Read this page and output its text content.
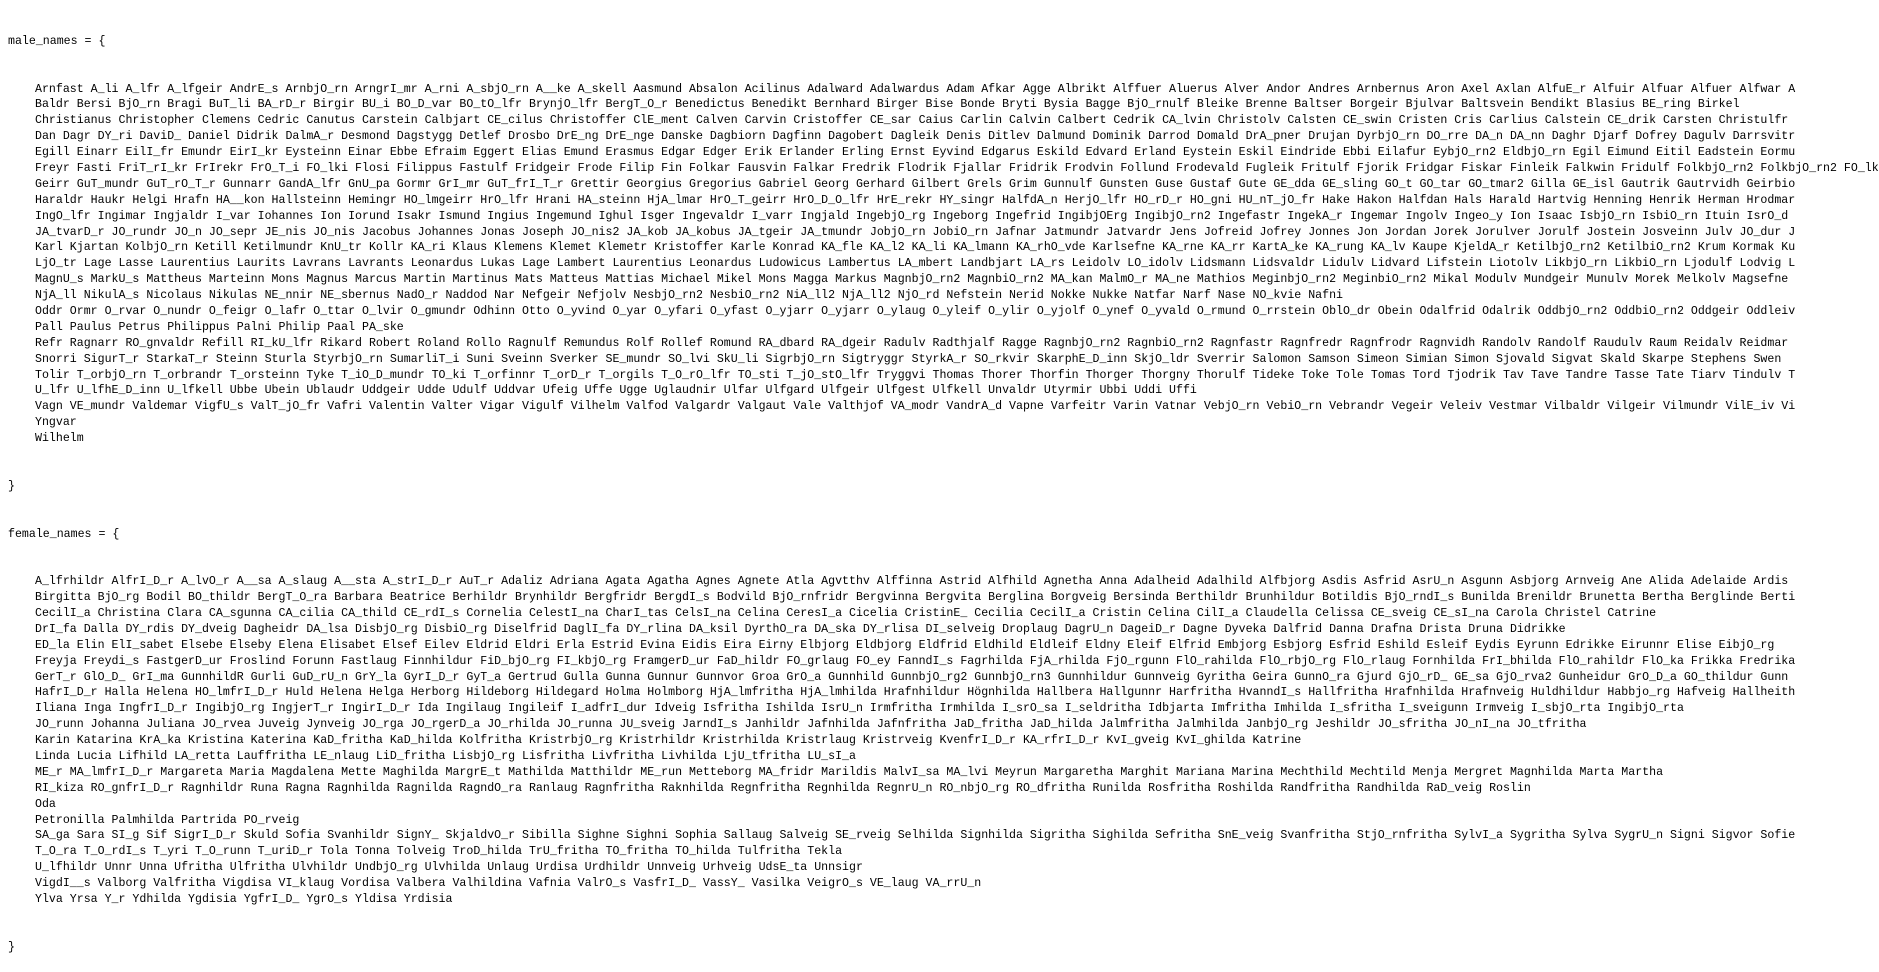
male_names = {

Arnfast A_li A_lfr A_lfgeir AndrE_s ArnbjO_rn ArngrI_mr A_rni A_sbjO_rn A__ke A_skell Aasmund Absalon Acilinus Adalward Adalwardus Adam Afkar Agge Albrikt Alffuer Aluerus Alver Andor Andres Arnbernus Aron Axel Axlan AlfuE_r Alfuir Alfuar Alfuer Alfwar A
Baldr Bersi BjO_rn Bragi BuT_li BA_rD_r Birgir BU_i BO_D_var BO_tO_lfr BrynjO_lfr BergT_O_r Benedictus Benedikt Bernhard Birger Bise Bonde Bryti Bysia Bagge BjO_rnulf Bleike Brenne Baltser Borgeir Bjulvar Baltsvein Bendikt Blasius BE_ring Birkel
Christianus Christopher Clemens Cedric Canutus Carstein Calbjart CE_cilus Christoffer ClE_ment Calven Carvin Cristoffer CE_sar Caius Carlin Calvin Calbert Cedrik CA_lvin Christolv Calsten CE_swin Cristen Cris Carlius Calstein CE_drik Carsten Christulfr
Dan Dagr DY_ri DaviD_ Daniel Didrik DalmA_r Desmond Dagstygg Detlef Drosbo DrE_ng DrE_nge Danske Dagbiorn Dagfinn Dagobert Dagleik Denis Ditlev Dalmund Dominik Darrod Domald DrA_pner Drujan DyrbjO_rn DO_rre DA_n DA_nn Daghr Djarf Dofrey Dagulv Darrsvitr
Egill Einarr EilI_fr Emundr EirI_kr Eysteinn Einar Ebbe Efraim Eggert Elias Emund Erasmus Edgar Edger Erik Erlander Erling Ernst Eyvind Edgarus Eskild Edvard Erland Eystein Eskil Eindride Ebbi Eilafur EybjO_rn2 EldbjO_rn Egil Eimund Eitil Eadstein Eormu
Freyr Fasti FriT_rI_kr FrIrekr FrO_T_i FO_lki Flosi Filippus Fastulf Fridgeir Frode Filip Fin Folkar Fausvin Falkar Fredrik Flodrik Fjallar Fridrik Frodvin Follund Frodevald Fugleik Fritulf Fjorik Fridgar Fiskar Finleik Falkwin Fridulf FolkbjO_rn2 FolkbjO_rn2 FO_lk
Geirr GuT_mundr GuT_rO_T_r Gunnarr GandA_lfr GnU_pa Gormr GrI_mr GuT_frI_T_r Grettir Georgius Gregorius Gabriel Georg Gerhard Gilbert Grels Grim Gunnulf Gunsten Guse Gustaf Gute GE_dda GE_sling GO_t GO_tar GO_tmar2 Gilla GE_isl Gautrik Gautrvidh Geirbio
Haraldr Haukr Helgi Hrafn HA__kon Hallsteinn Hemingr HO_lmgeirr HrO_lfr Hrani HA_steinn HjA_lmar HrO_T_geirr HrO_D_O_lfr HrE_rekr HY_singr HalfdA_n HerjO_lfr HO_rD_r HO_gni HU_nT_jO_fr Hake Hakon Halfdan Hals Harald Hartvig Henning Henrik Herman Hrodmar
IngO_lfr Ingimar Ingjaldr I_var Iohannes Ion Iorund Isakr Ismund Ingius Ingemund Ighul Isger Ingevaldr I_varr Ingjald IngebjO_rg Ingeborg Ingefrid IngibjOErg IngibjO_rn2 Ingefastr IngekA_r Ingemar Ingolv Ingeo_y Ion Isaac IsbjO_rn IsbiO_rn Ituin IsrO_d
JA_tvarD_r JO_rundr JO_n JO_sepr JE_nis JO_nis Jacobus Johannes Jonas Joseph JO_nis2 JA_kob JA_kobus JA_tgeir JA_tmundr JobjO_rn JobiO_rn Jafnar Jatmundr Jatvardr Jens Jofreid Jofrey Jonnes Jon Jordan Jorek Jorulver Jorulf Jostein Josveinn Julv JO_dur J
Karl Kjartan KolbjO_rn Ketill Ketilmundr KnU_tr Kollr KA_ri Klaus Klemens Klemet Klemetr Kristoffer Karle Konrad KA_fle KA_l2 KA_li KA_lmann KA_rhO_vde Karlsefne KA_rne KA_rr KartA_ke KA_rung KA_lv Kaupe KjeldA_r KetilbjO_rn2 KetilbiO_rn2 Krum Kormak Ku
LjO_tr Lage Lasse Laurentius Laurits Lavrans Lavrants Leonardus Lukas Lage Lambert Laurentius Leonardus Ludowicus Lambertus LA_mbert Landbjart LA_rs Leidolv LO_idolv Lidsmann Lidsvaldr Lidulv Lidvard Lifstein Liotolv LikbjO_rn LikbiO_rn Ljodulf Lodvig L
MagnU_s MarkU_s Mattheus Marteinn Mons Magnus Marcus Martin Martinus Mats Matteus Mattias Michael Mikel Mons Magga Markus MagnbjO_rn2 MagnbiO_rn2 MA_kan MalmO_r MA_ne Mathios MeginbjO_rn2 MeginbiO_rn2 Mikal Modulv Mundgeir Munulv Morek Melkolv Magsefne
NjA_ll NikulA_s Nicolaus Nikulas NE_nnir NE_sbernus NadO_r Naddod Nar Nefgeir Nefjolv NesbjO_rn2 NesbiO_rn2 NiA_ll2 NjA_ll2 NjO_rd Nefstein Nerid Nokke Nukke Natfar Narf Nase NO_kvie Nafni
Oddr Ormr O_rvar O_nundr O_feigr O_lafr O_ttar O_lvir O_gmundr Odhinn Otto O_yvind O_yar O_yfari O_yfast O_yjarr O_yjarr O_ylaug O_yleif O_ylir O_yjolf O_ynef O_yvald O_rmund O_rrstein OblO_dr Obein Odalfrid Odalrik OddbjO_rn2 OddbiO_rn2 Oddgeir Oddleiv
Pall Paulus Petrus Philippus Palni Philip Paal PA_ske
Refr Ragnarr RO_gnvaldr Refill RI_kU_lfr Rikard Robert Roland Rollo Ragnulf Remundus Rolf Rollef Romund RA_dbard RA_dgeir Radulv Radthjalf Ragge RagnbjO_rn2 RagnbiO_rn2 Ragnfastr Ragnfredr Ragnfrodr Ragnvidh Randolv Randolf Raudulv Raum Reidalv Reidmar
Snorri SigurT_r StarkaT_r Steinn Sturla StyrbjO_rn SumarliT_i Suni Sveinn Sverker SE_mundr SO_lvi SkU_li SigrbjO_rn Sigtryggr StyrkA_r SO_rkvir SkarphE_D_inn SkjO_ldr Sverrir Salomon Samson Simeon Simian Simon Sjovald Sigvat Skald Skarpe Stephens Swen
Tolir T_orbjO_rn T_orbrandr T_orsteinn Tyke T_iO_D_mundr TO_ki T_orfinnr T_orD_r T_orgils T_O_rO_lfr TO_sti T_jO_stO_lfr Tryggvi Thomas Thorer Thorfin Thorger Thorgny Thorulf Tideke Toke Tole Tomas Tord Tjodrik Tav Tave Tandre Tasse Tate Tiarv Tindulv T
U_lfr U_lfhE_D_inn U_lfkell Ubbe Ubein Ublaudr Uddgeir Udde Udulf Uddvar Ufeig Uffe Ugge Uglaudnir Ulfar Ulfgard Ulfgeir Ulfgest Ulfkell Unvaldr Utyrmir Ubbi Uddi Uffi
Vagn VE_mundr Valdemar VigfU_s ValT_jO_fr Vafri Valentin Valter Vigar Vigulf Vilhelm Valfod Valgardr Valgaut Vale Valthjof VA_modr VandrA_d Vapne Varfeitr Varin Vatnar VebjO_rn VebiO_rn Vebrandr Vegeir Veleiv Vestmar Vilbaldr Vilgeir Vilmundr VilE_iv Vi
Yngvar
Wilhelm

}

female_names = {

A_lfrhildr AlfrI_D_r A_lvO_r A__sa A_slaug A__sta A_strI_D_r AuT_r Adaliz Adriana Agata Agatha Agnes Agnete Atla Agvtthv Alffinna Astrid Alfhild Agnetha Anna Adalheid Adalhild Alfbjorg Asdis Asfrid AsrU_n Asgunn Asbjorg Arnveig Ane Alida Adelaide Ardis
Birgitta BjO_rg Bodil BO_thildr BergT_O_ra Barbara Beatrice Berhildr Brynhildr Bergfridr BergdI_s Bodvild BjO_rnfridr Bergvinna Bergvita Berglina Borgveig Bersinda Berthildr Brunhildur Botildis BjO_rndI_s Bunilda Brenildr Brunetta Bertha Berglinde Berti
CecilI_a Christina Clara CA_sgunna CA_cilia CA_thild CE_rdI_s Cornelia CelestI_na CharI_tas CelsI_na Celina CeresI_a Cicelia CristinE_ Cecilia CecilI_a Cristin Celina CilI_a Claudella Celissa CE_sveig CE_sI_na Carola Christel Catrine
DrI_fa Dalla DY_rdis DY_dveig Dagheidr DA_lsa DisbjO_rg DisbiO_rg Diselfrid DaglI_fa DY_rlina DA_ksil DyrthO_ra DA_ska DY_rlisa DI_selveig Droplaug DagrU_n DageiD_r Dagne Dyveka Dalfrid Danna Drafna Drista Druna Didrikke
ED_la Elin ElI_sabet Elsebe Elseby Elena Elisabet Elsef Eilev Eldrid Eldri Erla Estrid Evina Eidis Eira Eirny Elbjorg Eldbjorg Eldfrid Eldhild Eldleif Eldny Eleif Elfrid Embjorg Esbjorg Esfrid Eshild Esleif Eydis Eyrunn Edrikke Eirunnr Elise EibjO_rg
Freyja Freydi_s FastgerD_ur Froslind Forunn Fastlaug Finnhildur FiD_bjO_rg FI_kbjO_rg FramgerD_ur FaD_hildr FO_grlaug FO_ey FanndI_s Fagrhilda FjA_rhilda FjO_rgunn FlO_rahilda FlO_rbjO_rg FlO_rlaug Fornhilda FrI_bhilda FlO_rahildr FlO_ka Frikka Fredrika
GerT_r GlO_D_ GrI_ma GunnhildR Gurli GuD_rU_n GrY_la GyrI_D_r GyT_a Gertrud Gulla Gunna Gunnur Gunnvor Groa GrO_a Gunnhild GunnbjO_rg2 GunnbjO_rn3 Gunnhildur Gunnveig Gyritha Geira GunnO_ra Gjurd GjO_rD_ GE_sa GjO_rva2 Gunheidur GrO_D_a GO_thildur Gunn
HafrI_D_r Halla Helena HO_lmfrI_D_r Huld Helena Helga Herborg Hildeborg Hildegard Holma Holmborg HjA_lmfritha HjA_lmhilda Hrafnhildur Högnhilda Hallbera Hallgunnr Harfritha HvanndI_s Hallfritha Hrafnhilda Hrafnveig Huldhildur Habbjo_rg Hafveig Hallheith
Iliana Inga IngfrI_D_r IngibjO_rg IngjerT_r IngirI_D_r Ida Ingilaug Ingileif I_adfrI_dur Idveig Isfritha Ishilda IsrU_n Irmfritha Irmhilda I_srO_sa I_seldritha Idbjarta Imfritha Imhilda I_sfritha I_sveigunn Irmveig I_sbjO_rta IngibjO_rta
JO_runn Johanna Juliana JO_rvea Juveig Jynveig JO_rga JO_rgerD_a JO_rhilda JO_runna JU_sveig JarndI_s Janhildr Jafnhilda Jafnfritha JaD_fritha JaD_hilda Jalmfritha Jalmhilda JanbjO_rg Jeshildr JO_sfritha JO_nI_na JO_tfritha
Karin Katarina KrA_ka Kristina Katerina KaD_fritha KaD_hilda Kolfritha KristrbjO_rg Kristrhildr Kristrhilda Kristrlaug Kristrveig KvenfrI_D_r KA_rfrI_D_r KvI_gveig KvI_ghilda Katrine
Linda Lucia Lifhild LA_retta Lauffritha LE_nlaug LiD_fritha LisbjO_rg Lisfritha Livfritha Livhilda LjU_tfritha LU_sI_a
ME_r MA_lmfrI_D_r Margareta Maria Magdalena Mette Maghilda MargrE_t Mathilda Matthildr ME_run Metteborg MA_fridr Marildis MalvI_sa MA_lvi Meyrun Margaretha Marghit Mariana Marina Mechthild Mechtild Menja Mergret Magnhilda Marta Martha
RI_kiza RO_gnfrI_D_r Ragnhildr Runa Ragna Ragnhilda Ragnilda RagndO_ra Ranlaug Ragnfritha Raknhilda Regnfritha Regnhilda RegnrU_n RO_nbjO_rg RO_dfritha Runilda Rosfritha Roshilda Randfritha Randhilda RaD_veig Roslin
Oda
Petronilla Palmhilda Partrida PO_rveig
SA_ga Sara SI_g Sif SigrI_D_r Skuld Sofia Svanhildr SignY_ SkjaldvO_r Sibilla Sighne Sighni Sophia Sallaug Salveig SE_rveig Selhilda Signhilda Sigritha Sighilda Sefritha SnE_veig Svanfritha StjO_rnfritha SylvI_a Sygritha Sylva SygrU_n Signi Sigvor Sofie
T_O_ra T_O_rdI_s T_yri T_O_runn T_uriD_r Tola Tonna Tolveig TroD_hilda TrU_fritha TO_fritha TO_hilda Tulfritha Tekla
U_lfhildr Unnr Unna Ufritha Ulfritha Ulvhildr UndbjO_rg Ulvhilda Unlaug Urdisa Urdhildr Unnveig Urhveig UdsE_ta Unnsigr
VigdI__s Valborg Valfritha Vigdisa VI_klaug Vordisa Valbera Valhildina Vafnia ValrO_s VasfrI_D_ VassY_ Vasilka VeigrO_s VE_laug VA_rrU_n
Ylva Yrsa Y_r Ydhilda Ygdisia YgfrI_D_ YgrO_s Yldisa Yrdisia

}
